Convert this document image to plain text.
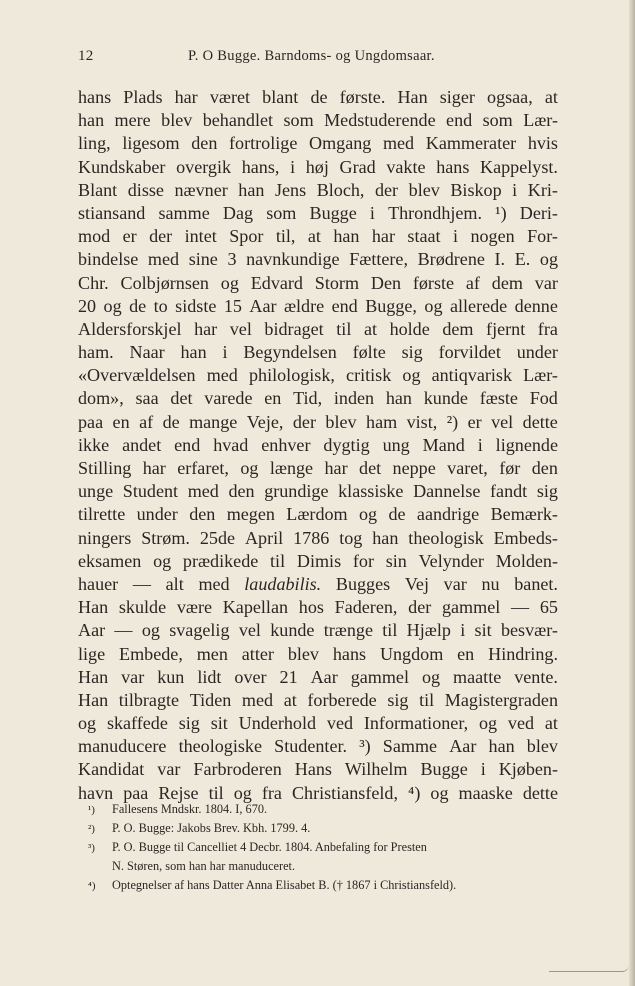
12	P. O Bugge. Barndoms- og Ungdomsaar.
hans Plads har været blant de første. Han siger ogsaa, at
han mere blev behandlet som Medstuderende end som Lær-
ling, ligesom den fortrolige Omgang med Kammerater hvis
Kundskaber overgik hans, i høj Grad vakte hans Kappelyst.
Blant disse nævner han Jens Bloch, der blev Biskop i Kri-
stiansand samme Dag som Bugge i Throndhjem. ¹) Deri-
mod er der intet Spor til, at han har staat i nogen For-
bindelse med sine 3 navnkundige Fættere, Brødrene I. E. og
Chr. Colbjørnsen og Edvard Storm Den første af dem var
20 og de to sidste 15 Aar ældre end Bugge, og allerede denne
Aldersforskjel har vel bidraget til at holde dem fjernt fra
ham. Naar han i Begyndelsen følte sig forvildet under
«Overvældelsen med philologisk, critisk og antiqvarisk Lær-
dom», saa det varede en Tid, inden han kunde fæste Fod
paa en af de mange Veje, der blev ham vist, ²) er vel dette
ikke andet end hvad enhver dygtig ung Mand i lignende
Stilling har erfaret, og længe har det neppe varet, før den
unge Student med den grundige klassiske Dannelse fandt sig
tilrette under den megen Lærdom og de aandrige Bemærk-
ningers Strøm. 25de April 1786 tog han theologisk Embeds-
eksamen og prædikede til Dimis for sin Velynder Molden-
hauer — alt med laudabilis. Bugges Vej var nu banet.
Han skulde være Kapellan hos Faderen, der gammel — 65
Aar — og svagelig vel kunde trænge til Hjælp i sit besvær-
lige Embede, men atter blev hans Ungdom en Hindring.
Han var kun lidt over 21 Aar gammel og maatte vente.
Han tilbragte Tiden med at forberede sig til Magistergraden
og skaffede sig sit Underhold ved Informationer, og ved at
manuducere theologiske Studenter. ³) Samme Aar han blev
Kandidat var Farbroderen Hans Wilhelm Bugge i Kjøben-
havn paa Rejse til og fra Christiansfeld, ⁴) og maaske dette
¹) Fallesens Mndskr. 1804. I, 670.
²) P. O. Bugge: Jakobs Brev. Kbh. 1799. 4.
³) P. O. Bugge til Cancelliet 4 Decbr. 1804. Anbefaling for Presten
N. Støren, som han har manuduceret.
⁴) Optegnelser af hans Datter Anna Elisabet B. († 1867 i Christiansfeld).
